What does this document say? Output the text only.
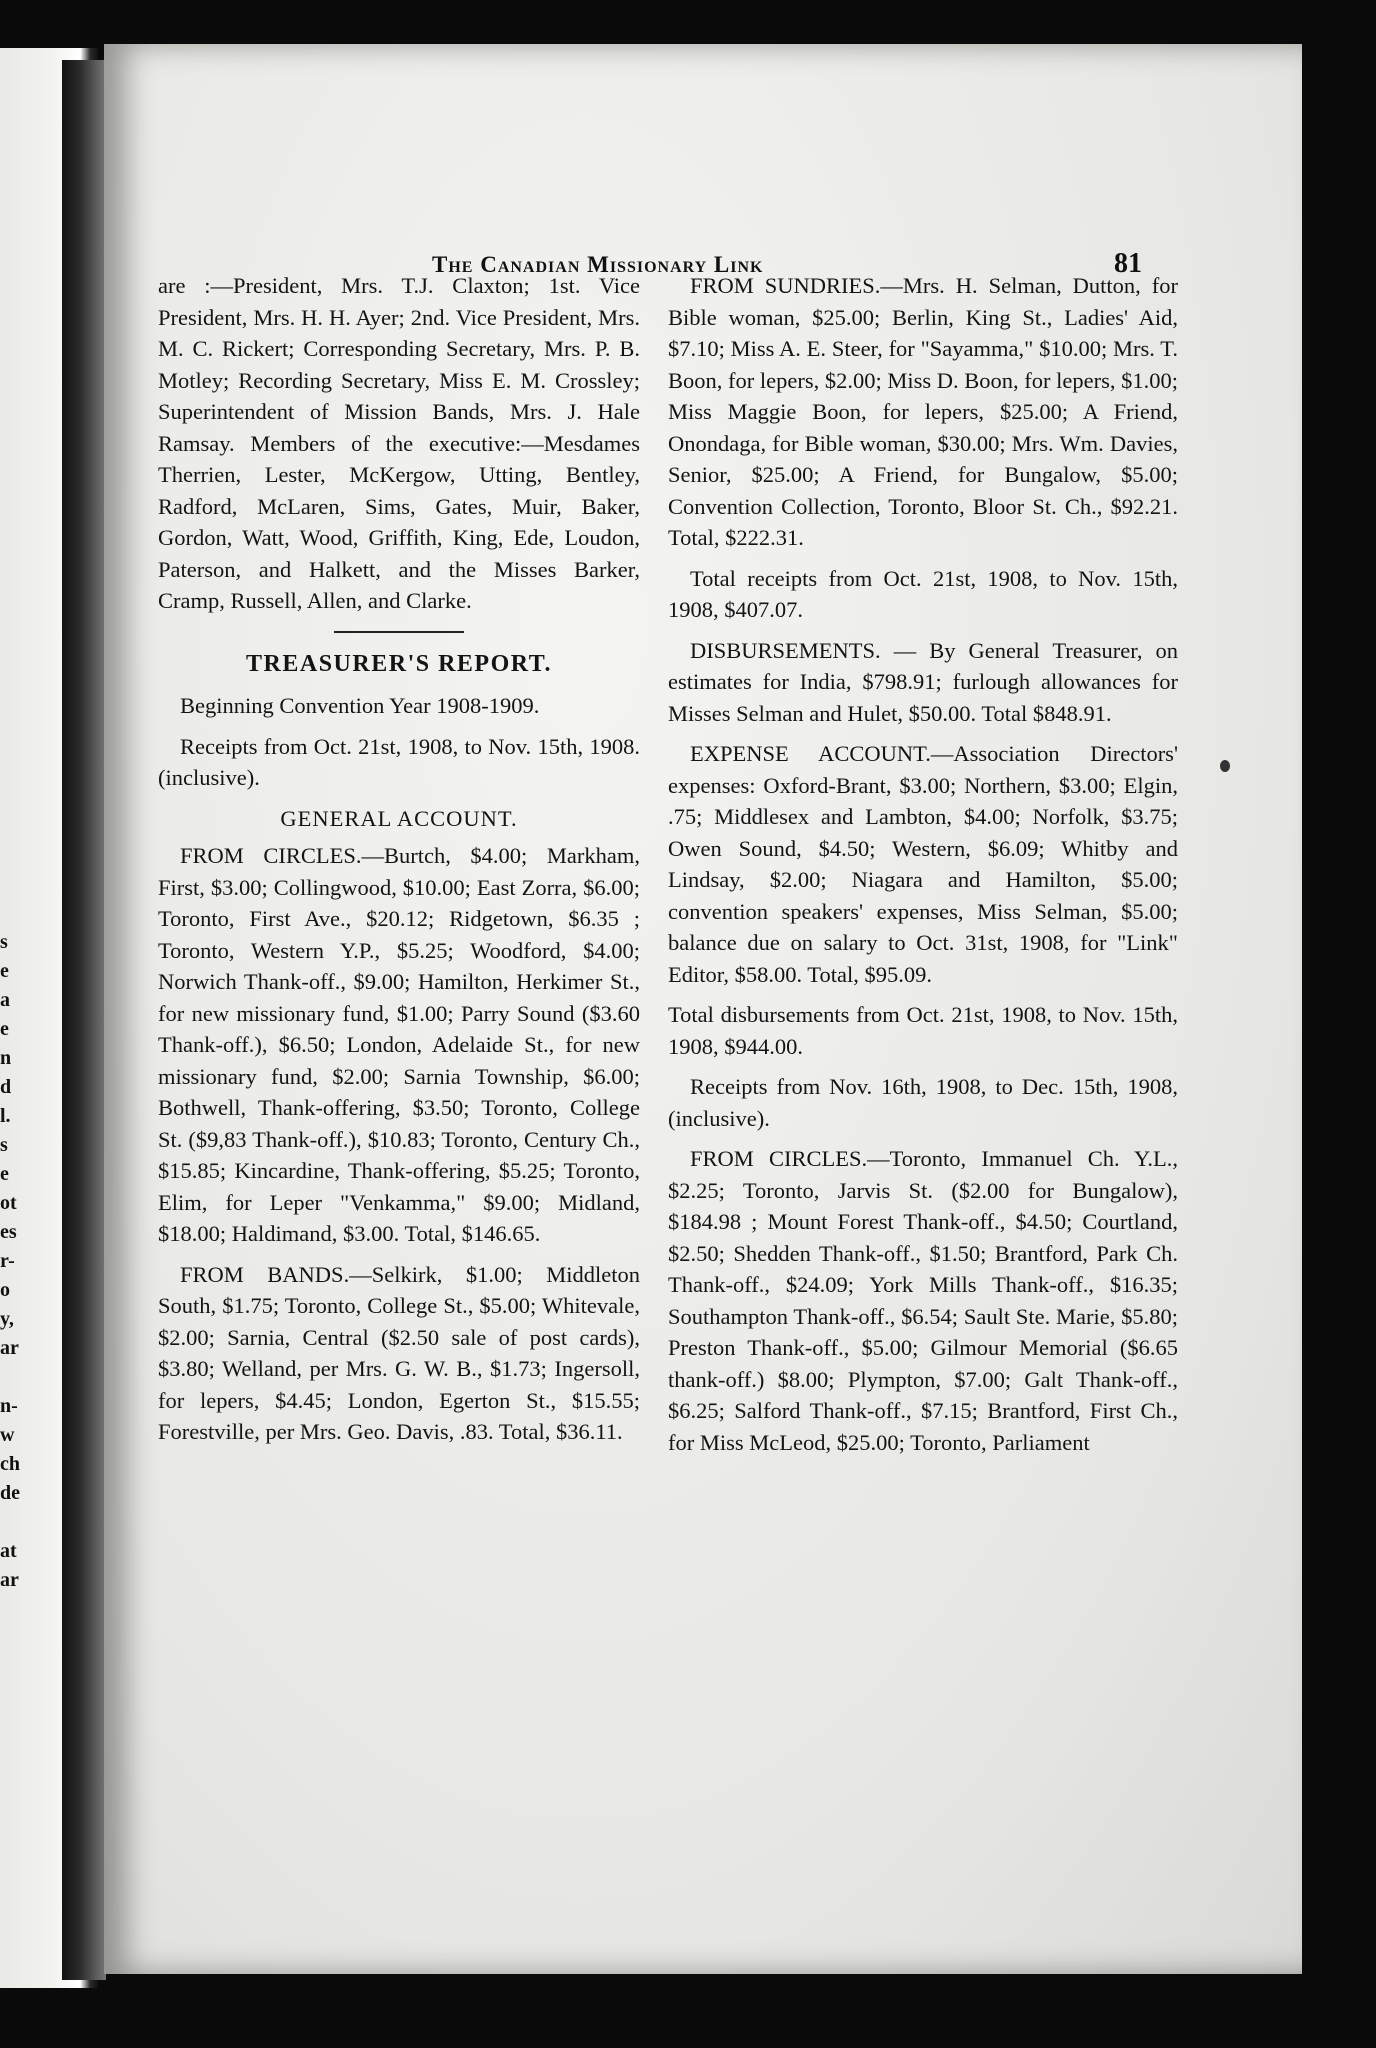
s
e
a
e
n
d
l.
s
e
ot
es
r-
o
y,
ar
n-
w
ch
de
at
ar
The Canadian Missionary Link	81

are :—President, Mrs. T.J. Claxton; 1st. Vice President, Mrs. H. H. Ayer; 2nd. Vice President, Mrs. M. C. Rickert; Corresponding Secretary, Mrs. P. B. Motley; Recording Secretary, Miss E. M. Crossley; Superintendent of Mission Bands, Mrs. J. Hale Ramsay. Members of the executive:—Mesdames Therrien, Lester, McKergow, Utting, Bentley, Radford, McLaren, Sims, Gates, Muir, Baker, Gordon, Watt, Wood, Griffith, King, Ede, Loudon, Paterson, and Halkett, and the Misses Barker, Cramp, Russell, Allen, and Clarke.

TREASURER'S REPORT.

Beginning Convention Year 1908-1909.

Receipts from Oct. 21st, 1908, to Nov. 15th, 1908. (inclusive).

GENERAL ACCOUNT.

FROM CIRCLES.—Burtch, $4.00; Markham, First, $3.00; Collingwood, $10.00; East Zorra, $6.00; Toronto, First Ave., $20.12; Ridgetown, $6.35 ; Toronto, Western Y.P., $5.25; Woodford, $4.00; Norwich Thank-off., $9.00; Hamilton, Herkimer St., for new missionary fund, $1.00; Parry Sound ($3.60 Thank-off.), $6.50; London, Adelaide St., for new missionary fund, $2.00; Sarnia Township, $6.00; Bothwell, Thank-offering, $3.50; Toronto, College St. ($9,83 Thank-off.), $10.83; Toronto, Century Ch., $15.85; Kincardine, Thank-offering, $5.25; Toronto, Elim, for Leper "Venkamma," $9.00; Midland, $18.00; Haldimand, $3.00. Total, $146.65.

FROM BANDS.—Selkirk, $1.00; Middleton South, $1.75; Toronto, College St., $5.00; Whitevale, $2.00; Sarnia, Central ($2.50 sale of post cards), $3.80; Welland, per Mrs. G. W. B., $1.73; Ingersoll, for lepers, $4.45; London, Egerton St., $15.55; Forestville, per Mrs. Geo. Davis, .83. Total, $36.11.

FROM SUNDRIES.—Mrs. H. Selman, Dutton, for Bible woman, $25.00; Berlin, King St., Ladies' Aid, $7.10; Miss A. E. Steer, for "Sayamma," $10.00; Mrs. T. Boon, for lepers, $2.00; Miss D. Boon, for lepers, $1.00; Miss Maggie Boon, for lepers, $25.00; A Friend, Onondaga, for Bible woman, $30.00; Mrs. Wm. Davies, Senior, $25.00; A Friend, for Bungalow, $5.00; Convention Collection, Toronto, Bloor St. Ch., $92.21. Total, $222.31.

Total receipts from Oct. 21st, 1908, to Nov. 15th, 1908, $407.07.

DISBURSEMENTS. — By General Treasurer, on estimates for India, $798.91; furlough allowances for Misses Selman and Hulet, $50.00. Total $848.91.

EXPENSE ACCOUNT.—Association Directors' expenses: Oxford-Brant, $3.00; Northern, $3.00; Elgin, .75; Middlesex and Lambton, $4.00; Norfolk, $3.75; Owen Sound, $4.50; Western, $6.09; Whitby and Lindsay, $2.00; Niagara and Hamilton, $5.00; convention speakers' expenses, Miss Selman, $5.00; balance due on salary to Oct. 31st, 1908, for "Link" Editor, $58.00. Total, $95.09.

Total disbursements from Oct. 21st, 1908, to Nov. 15th, 1908, $944.00.

Receipts from Nov. 16th, 1908, to Dec. 15th, 1908, (inclusive).

FROM CIRCLES.—Toronto, Immanuel Ch. Y.L., $2.25; Toronto, Jarvis St. ($2.00 for Bungalow), $184.98 ; Mount Forest Thank-off., $4.50; Courtland, $2.50; Shedden Thank-off., $1.50; Brantford, Park Ch. Thank-off., $24.09; York Mills Thank-off., $16.35; Southampton Thank-off., $6.54; Sault Ste. Marie, $5.80; Preston Thank-off., $5.00; Gilmour Memorial ($6.65 thank-off.) $8.00; Plympton, $7.00; Galt Thank-off., $6.25; Salford Thank-off., $7.15; Brantford, First Ch., for Miss McLeod, $25.00; Toronto, Parliament
